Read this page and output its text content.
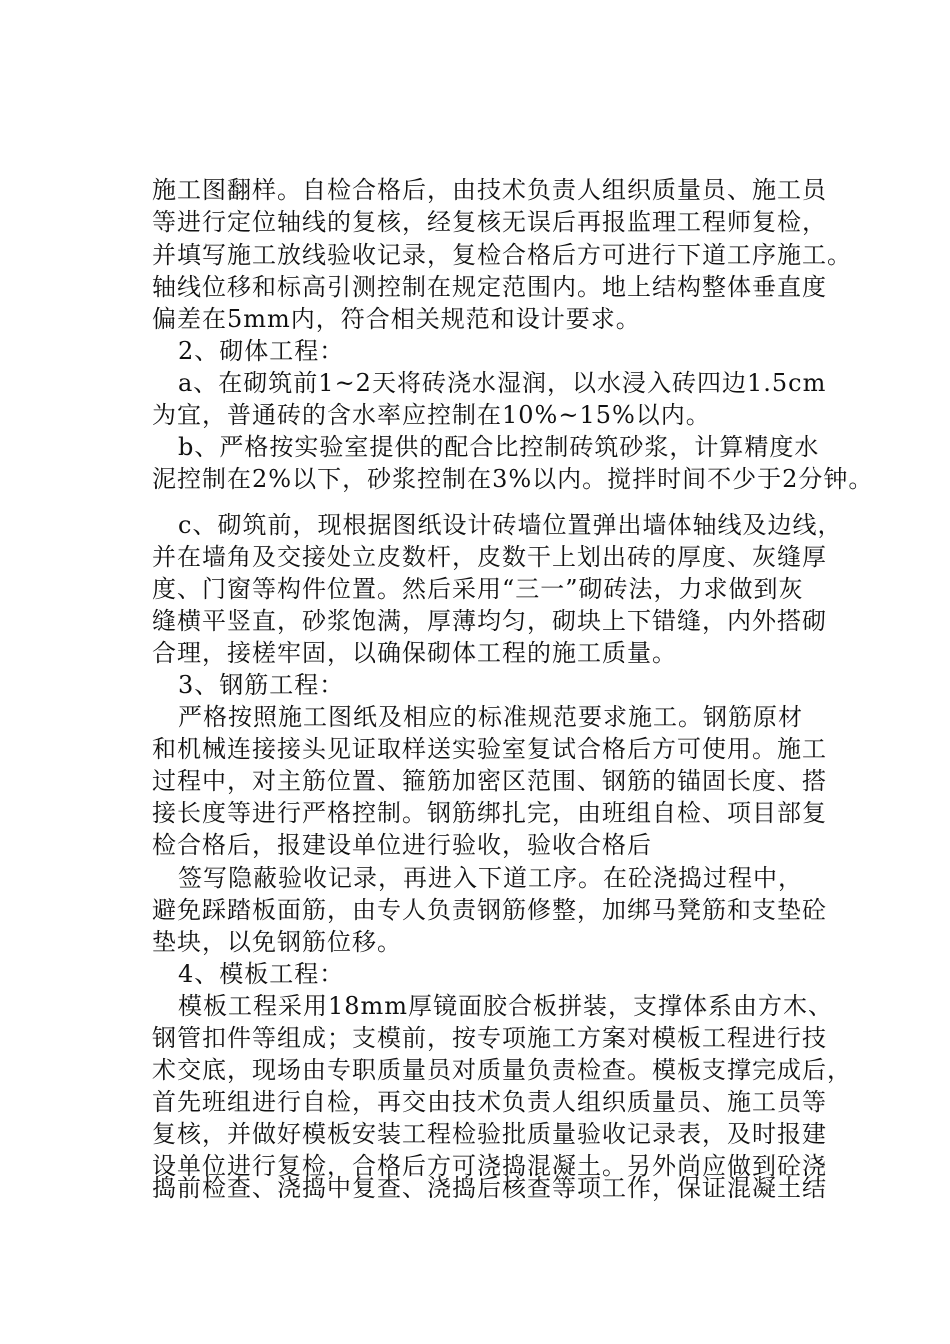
施工图翻样。自检合格后，由技术负责人组织质量员、施工员
等进行定位轴线的复核，经复核无误后再报监理工程师复检，
并填写施工放线验收记录，复检合格后方可进行下道工序施工。
轴线位移和标高引测控制在规定范围内。地上结构整体垂直度
偏差在5mm内，符合相关规范和设计要求。
2、砌体工程：
a、在砌筑前1~2天将砖浇水湿润，以水浸入砖四边1.5cm
为宜，普通砖的含水率应控制在10%~15%以内。
b、严格按实验室提供的配合比控制砖筑砂浆，计算精度水
泥控制在2%以下，砂浆控制在3%以内。搅拌时间不少于2分钟。
c、砌筑前，现根据图纸设计砖墙位置弹出墙体轴线及边线，
并在墙角及交接处立皮数杆，皮数干上划出砖的厚度、灰缝厚
度、门窗等构件位置。然后采用“三一”砌砖法，力求做到灰
缝横平竖直，砂浆饱满，厚薄均匀，砌块上下错缝，内外搭砌
合理，接槎牢固，以确保砌体工程的施工质量。
3、钢筋工程：
严格按照施工图纸及相应的标准规范要求施工。钢筋原材
和机械连接接头见证取样送实验室复试合格后方可使用。施工
过程中，对主筋位置、箍筋加密区范围、钢筋的锚固长度、搭
接长度等进行严格控制。钢筋绑扎完，由班组自检、项目部复
检合格后，报建设单位进行验收，验收合格后
签写隐蔽验收记录，再进入下道工序。在砼浇捣过程中，
避免踩踏板面筋，由专人负责钢筋修整，加绑马凳筋和支垫砼
垫块，以免钢筋位移。
4、模板工程：
模板工程采用18mm厚镜面胶合板拼装，支撑体系由方木、
钢管扣件等组成；支模前，按专项施工方案对模板工程进行技
术交底，现场由专职质量员对质量负责检查。模板支撑完成后，
首先班组进行自检，再交由技术负责人组织质量员、施工员等
复核，并做好模板安装工程检验批质量验收记录表，及时报建
设单位进行复检，合格后方可浇捣混凝土。另外尚应做到砼浇
捣前检查、浇捣中复查、浇捣后核查等项工作，保证混凝土结
